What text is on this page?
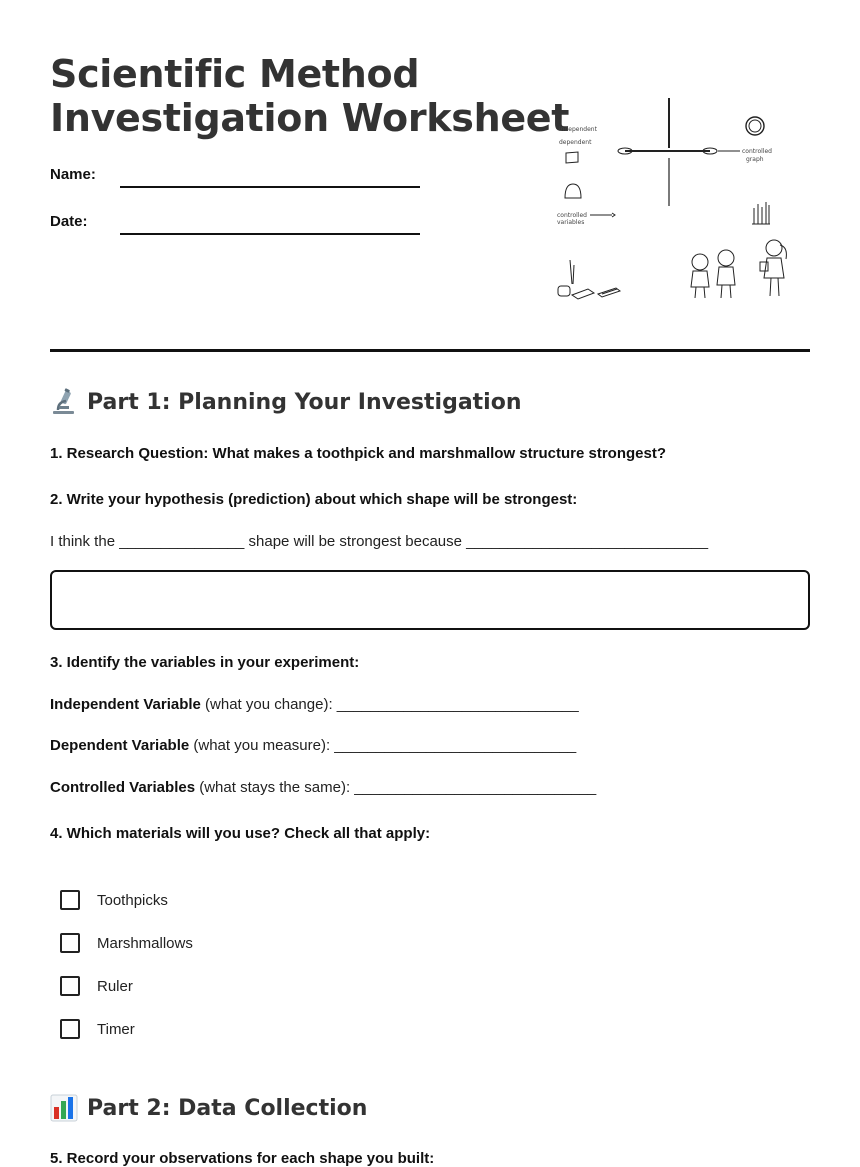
Scientific Method
Investigation Worksheet
Name:
Date:
independent
dependent
controlled
graph
controlled
variables
Part 1: Planning Your Investigation
1. Research Question: What makes a toothpick and marshmallow structure strongest?
2. Write your hypothesis (prediction) about which shape will be strongest:
I think the _______________ shape will be strongest because _____________________________
3. Identify the variables in your experiment:
Independent Variable (what you change): _____________________________
Dependent Variable (what you measure): _____________________________
Controlled Variables (what stays the same): _____________________________
4. Which materials will you use? Check all that apply:
Toothpicks
Marshmallows
Ruler
Timer
Part 2: Data Collection
5. Record your observations for each shape you built:
